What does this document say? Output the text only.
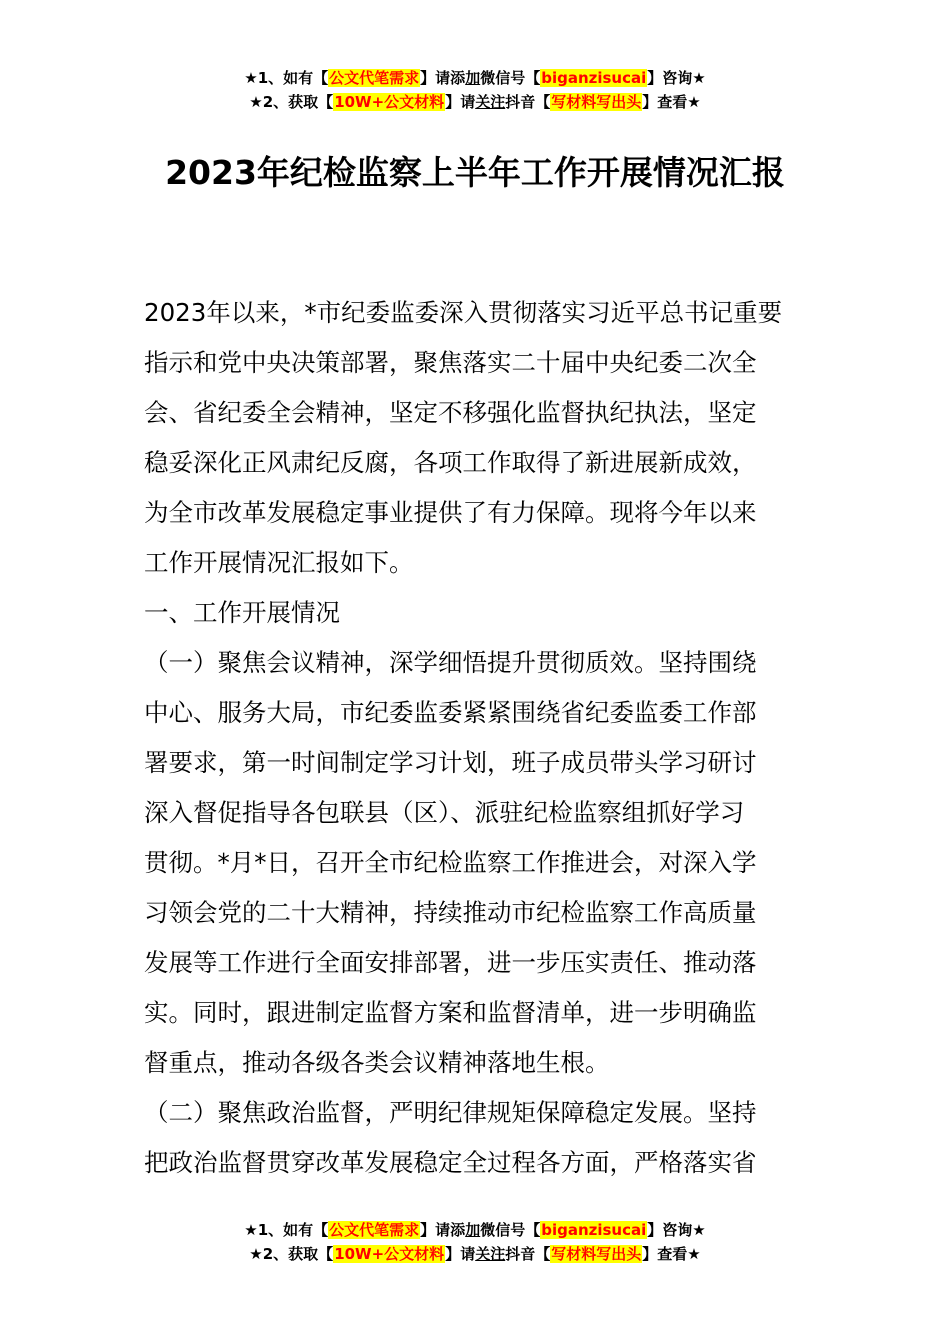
★1、如有【公文代笔需求】请添加微信号【biganzisucai】咨询★
★2、获取【10W+公文材料】请关注抖音【写材料写出头】查看★
2023年纪检监察上半年工作开展情况汇报
2023年以来，*市纪委监委深入贯彻落实习近平总书记重要
指示和党中央决策部署，聚焦落实二十届中央纪委二次全
会、省纪委全会精神，坚定不移强化监督执纪执法，坚定
稳妥深化正风肃纪反腐，各项工作取得了新进展新成效，
为全市改革发展稳定事业提供了有力保障。现将今年以来
工作开展情况汇报如下。
一、工作开展情况
（一）聚焦会议精神，深学细悟提升贯彻质效。坚持围绕
中心、服务大局，市纪委监委紧紧围绕省纪委监委工作部
署要求，第一时间制定学习计划，班子成员带头学习研讨
深入督促指导各包联县（区）、派驻纪检监察组抓好学习
贯彻。*月*日，召开全市纪检监察工作推进会，对深入学
习领会党的二十大精神，持续推动市纪检监察工作高质量
发展等工作进行全面安排部署，进一步压实责任、推动落
实。同时，跟进制定监督方案和监督清单，进一步明确监
督重点，推动各级各类会议精神落地生根。
（二）聚焦政治监督，严明纪律规矩保障稳定发展。坚持
把政治监督贯穿改革发展稳定全过程各方面，严格落实省
★1、如有【公文代笔需求】请添加微信号【biganzisucai】咨询★
★2、获取【10W+公文材料】请关注抖音【写材料写出头】查看★
